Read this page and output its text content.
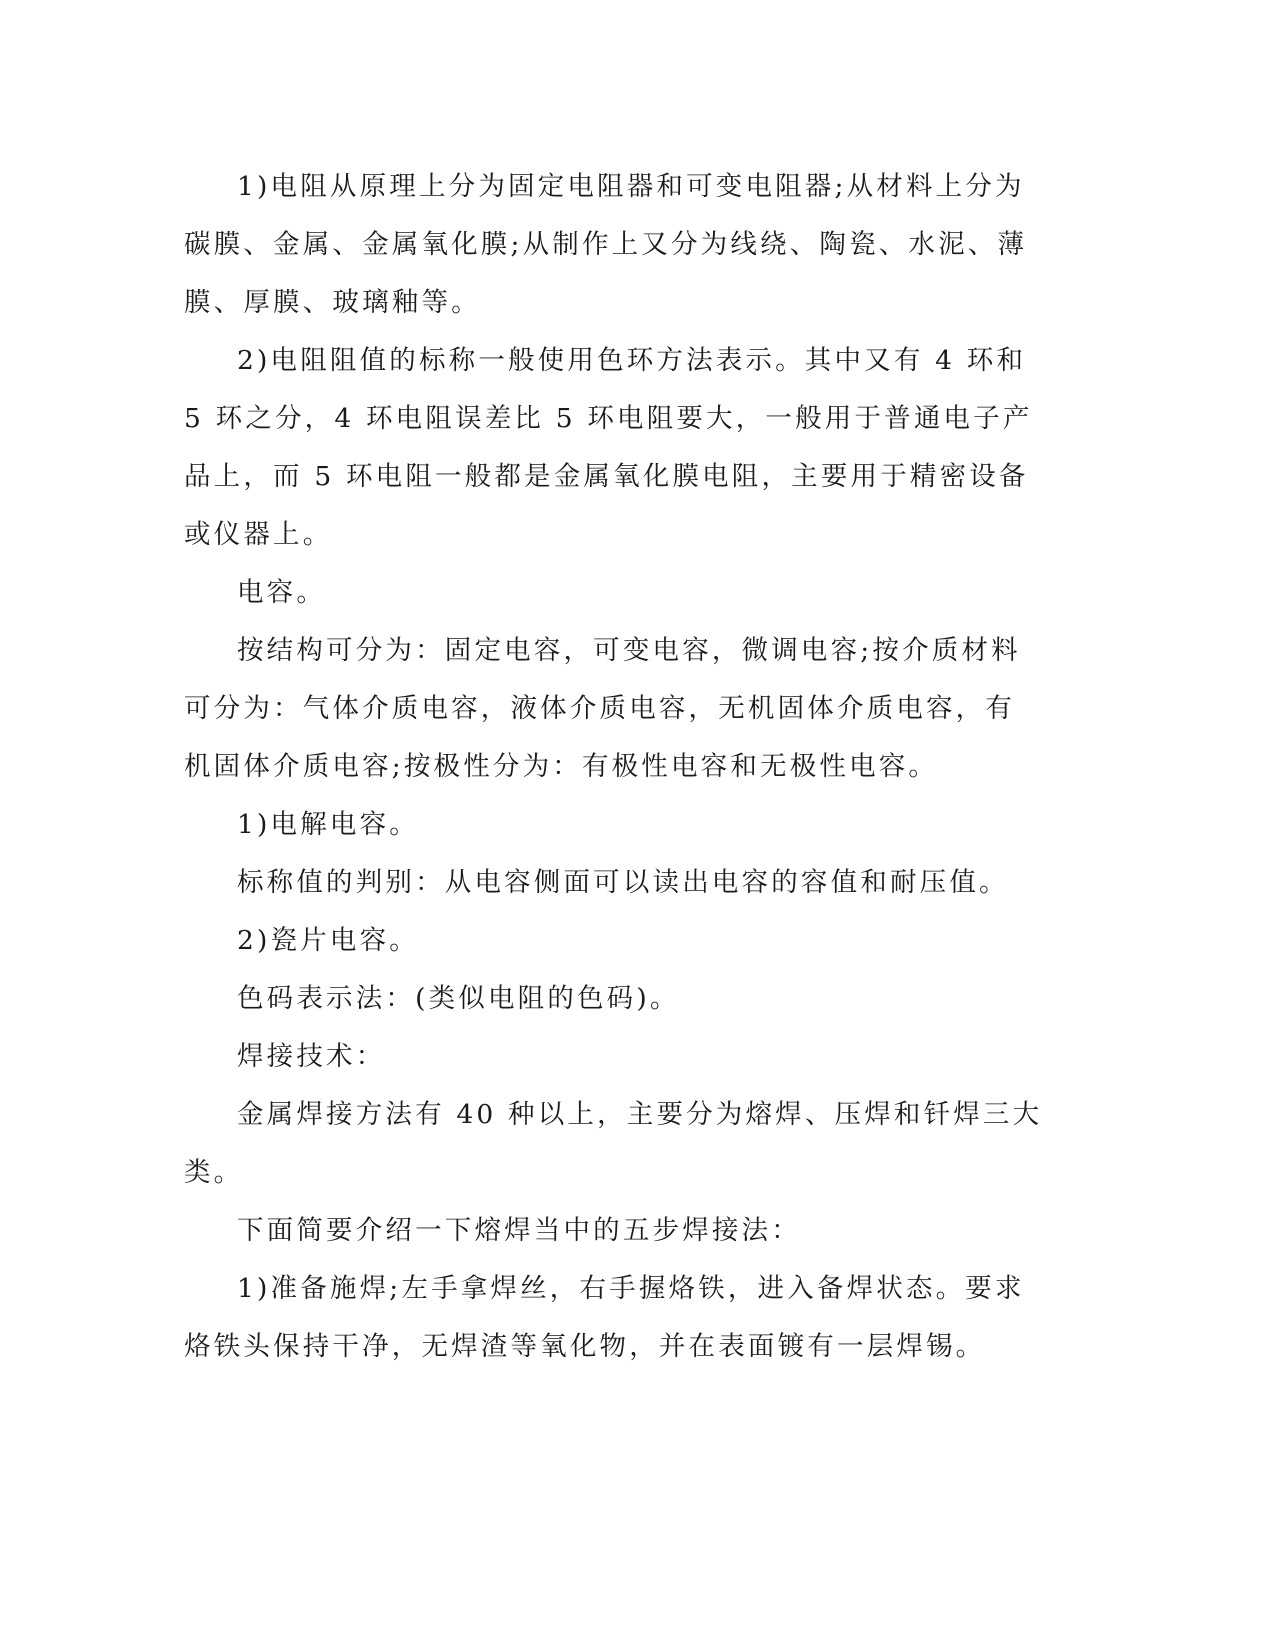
1)电阻从原理上分为固定电阻器和可变电阻器;从材料上分为碳膜、金属、金属氧化膜;从制作上又分为线绕、陶瓷、水泥、薄膜、厚膜、玻璃釉等。

2)电阻阻值的标称一般使用色环方法表示。其中又有 4 环和 5 环之分，4 环电阻误差比 5 环电阻要大，一般用于普通电子产品上，而 5 环电阻一般都是金属氧化膜电阻，主要用于精密设备或仪器上。

电容。

按结构可分为：固定电容，可变电容，微调电容;按介质材料可分为：气体介质电容，液体介质电容，无机固体介质电容，有机固体介质电容;按极性分为：有极性电容和无极性电容。

1)电解电容。

标称值的判别：从电容侧面可以读出电容的容值和耐压值。

2)瓷片电容。

色码表示法：(类似电阻的色码)。

焊接技术：

金属焊接方法有 40 种以上，主要分为熔焊、压焊和钎焊三大类。

下面简要介绍一下熔焊当中的五步焊接法：

1)准备施焊;左手拿焊丝，右手握烙铁，进入备焊状态。要求烙铁头保持干净，无焊渣等氧化物，并在表面镀有一层焊锡。
